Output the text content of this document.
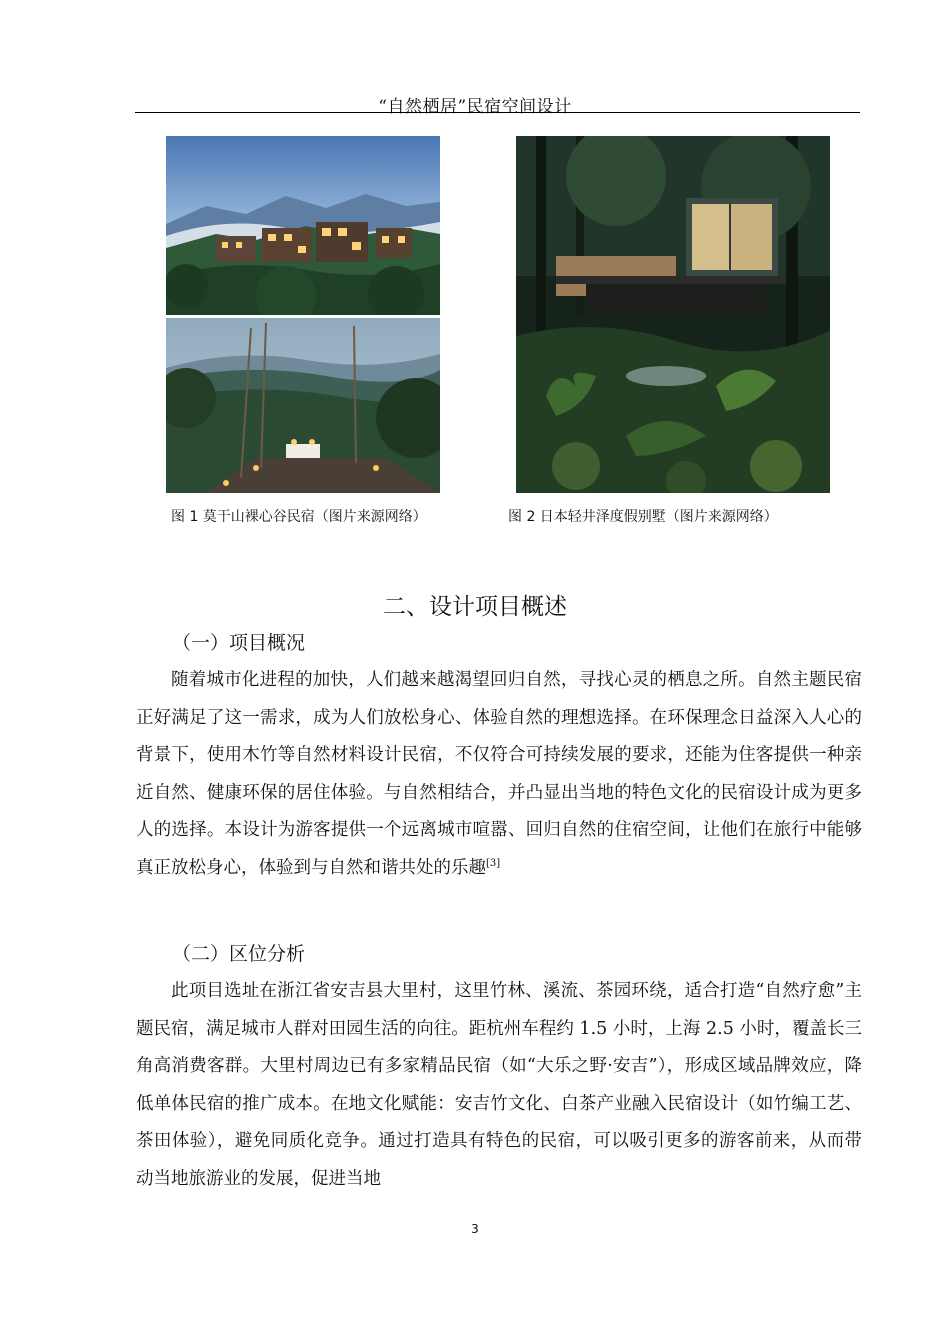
“自然栖居”民宿空间设计
图 1 莫干山裸心谷民宿（图片来源网络）	图 2 日本轻井泽度假别墅（图片来源网络）
二、设计项目概述
（一）项目概况

随着城市化进程的加快，人们越来越渴望回归自然，寻找心灵的栖息之所。自然主题民宿正好满足了这一需求，成为人们放松身心、体验自然的理想选择。在环保理念日益深入人心的背景下，使用木竹等自然材料设计民宿，不仅符合可持续发展的要求，还能为住客提供一种亲近自然、健康环保的居住体验。与自然相结合，并凸显出当地的特色文化的民宿设计成为更多人的选择。本设计为游客提供一个远离城市喧嚣、回归自然的住宿空间，让他们在旅行中能够真正放松身心，体验到与自然和谐共处的乐趣[3]

（二）区位分析

此项目选址在浙江省安吉县大里村，这里竹林、溪流、茶园环绕，适合打造“自然疗愈”主题民宿，满足城市人群对田园生活的向往。距杭州车程约 1.5 小时，上海 2.5 小时，覆盖长三角高消费客群。大里村周边已有多家精品民宿（如“大乐之野·安吉”），形成区域品牌效应，降低单体民宿的推广成本。在地文化赋能：安吉竹文化、白茶产业融入民宿设计（如竹编工艺、茶田体验），避免同质化竞争。通过打造具有特色的民宿，可以吸引更多的游客前来，从而带动当地旅游业的发展，促进当地

3
